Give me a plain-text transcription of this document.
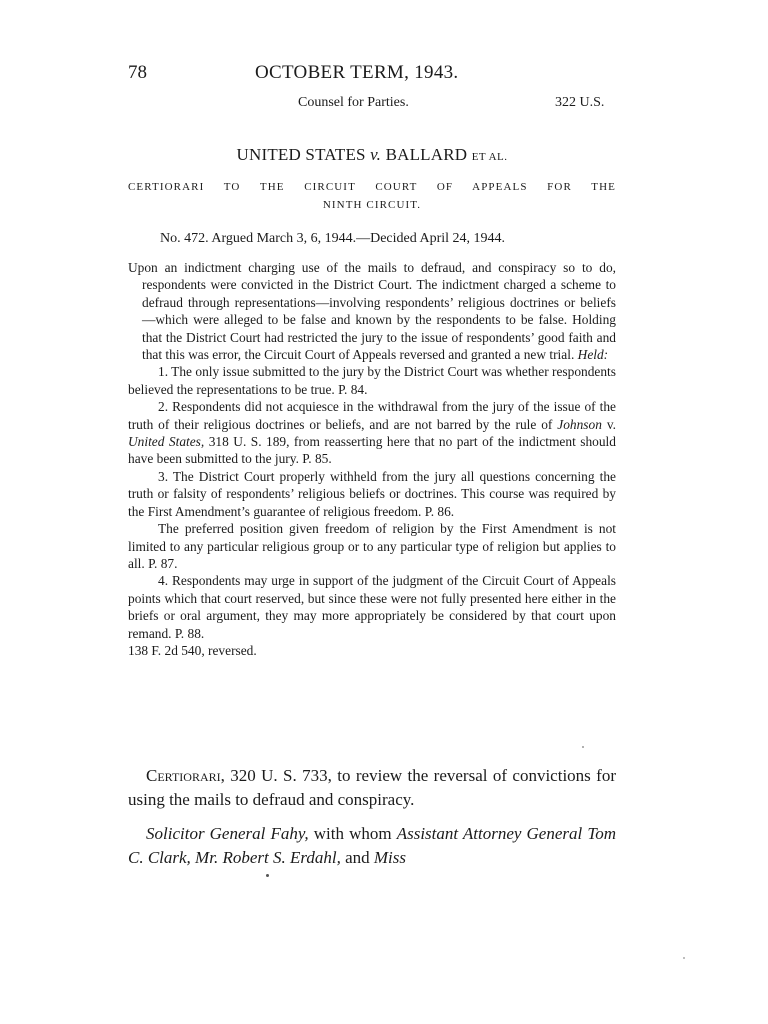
78	OCTOBER TERM, 1943.
Counsel for Parties.	322 U.S.
UNITED STATES v. BALLARD ET AL.
CERTIORARI TO THE CIRCUIT COURT OF APPEALS FOR THE
NINTH CIRCUIT.
No. 472. Argued March 3, 6, 1944.—Decided April 24, 1944.

Upon an indictment charging use of the mails to defraud, and conspiracy so to do, respondents were convicted in the District Court. The indictment charged a scheme to defraud through representations—involving respondents’ religious doctrines or beliefs—which were alleged to be false and known by the respondents to be false. Holding that the District Court had restricted the jury to the issue of respondents’ good faith and that this was error, the Circuit Court of Appeals reversed and granted a new trial. Held:

1. The only issue submitted to the jury by the District Court was whether respondents believed the representations to be true. P. 84.

2. Respondents did not acquiesce in the withdrawal from the jury of the issue of the truth of their religious doctrines or beliefs, and are not barred by the rule of Johnson v. United States, 318 U. S. 189, from reasserting here that no part of the indictment should have been submitted to the jury. P. 85.

3. The District Court properly withheld from the jury all questions concerning the truth or falsity of respondents’ religious beliefs or doctrines. This course was required by the First Amendment’s guarantee of religious freedom. P. 86.

The preferred position given freedom of religion by the First Amendment is not limited to any particular religious group or to any particular type of religion but applies to all. P. 87.

4. Respondents may urge in support of the judgment of the Circuit Court of Appeals points which that court reserved, but since these were not fully presented here either in the briefs or oral argument, they may more appropriately be considered by that court upon remand. P. 88.

138 F. 2d 540, reversed.

Certiorari, 320 U. S. 733, to review the reversal of convictions for using the mails to defraud and conspiracy.

Solicitor General Fahy, with whom Assistant Attorney General Tom C. Clark, Mr. Robert S. Erdahl, and Miss
